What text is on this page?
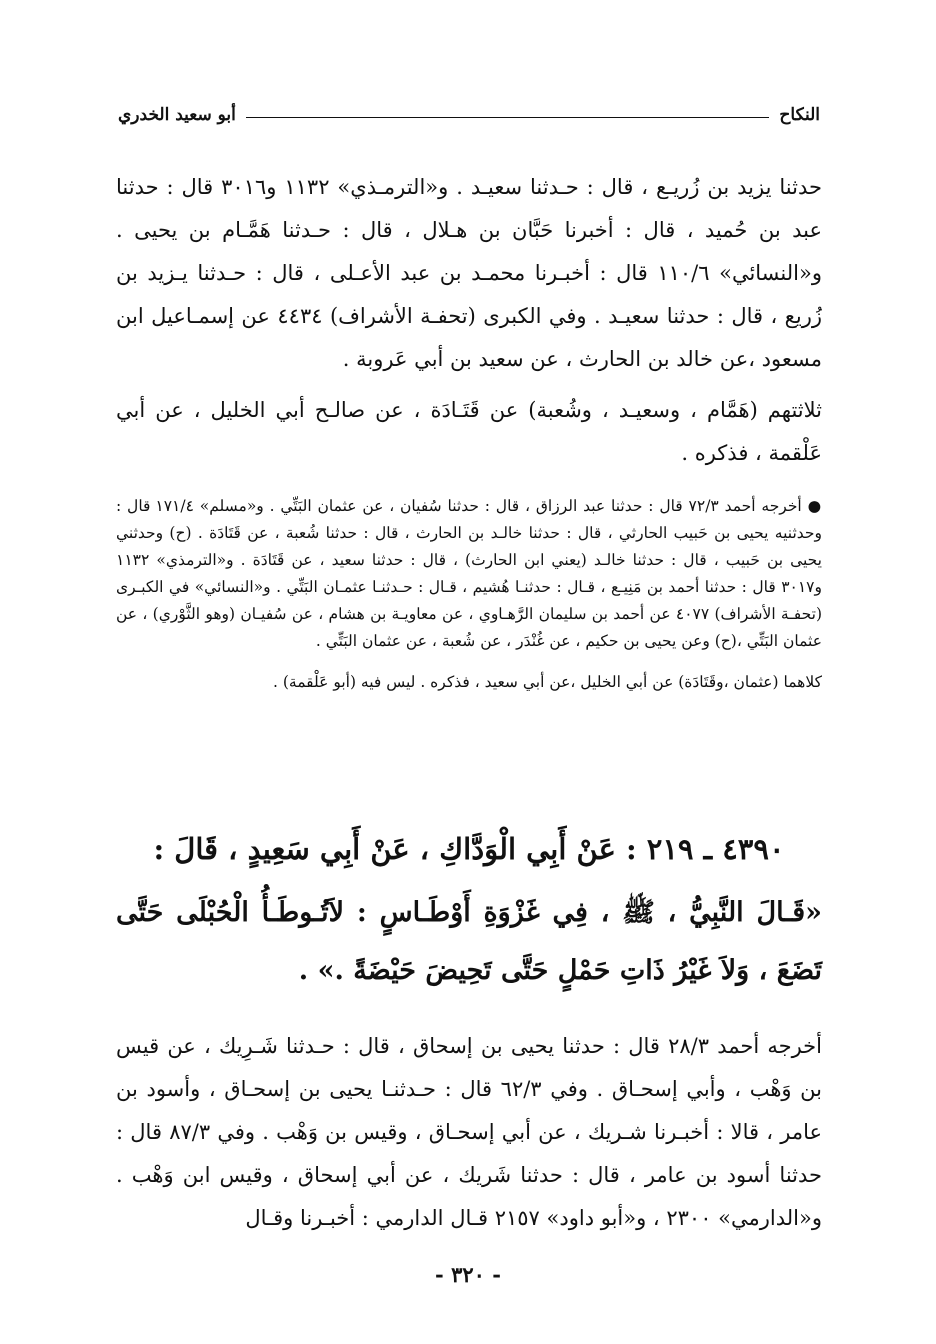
النكاح
أبو سعيد الخدري

حدثنا يزيد بن زُريـع ، قال : حـدثنا سعيـد . و«الترمـذي» ١١٣٢ و٣٠١٦ قال : حدثنا عبد بن حُميد ، قال : أخبرنا حَبَّان بن هـلال ، قال : حـدثنا هَمَّـام بن يحيى . و«النسائي» ١١٠/٦ قال : أخبـرنا محمـد بن عبد الأعـلى ، قال : حـدثنا يـزيد بن زُريع ، قال : حدثنا سعيـد . وفي الكبرى (تحفـة الأشراف) ٤٤٣٤ عن إسمـاعيل ابن مسعود ،عن خالد بن الحارث ، عن سعيد بن أبي عَروبة .

ثلاثتهم (هَمَّام ، وسعيـد ، وشُعبة) عن قَتَـادَة ، عن صالـح أبي الخليل ، عن أبي عَلْقمة ، فذكره .

● أخرجه أحمد ٧٢/٣ قال : حدثنا عبد الرزاق ، قال : حدثنا سُفيان ، عن عثمان البَتِّي . و«مسلم» ١٧١/٤ قال : وحدثنيه يحيى بن حَبيب الحارثي ، قال : حدثنا خالـد بن الحارث ، قال : حدثنا شُعبة ، عن قَتَادَة . (ح) وحدثني يحيى بن حَبيب ، قال : حدثنا خالـد (يعني ابن الحارث) ، قال : حدثنا سعيد ، عن قَتَادَة . و«الترمذي» ١١٣٢ و٣٠١٧ قال : حدثنا أحمد بن مَنِيـع ، قـال : حدثنـا هُشيم ، قـال : حـدثنـا عثمـان البَتِّي . و«النسائي» في الكبـرى (تحفـة الأشراف) ٤٠٧٧ عن أحمد بن سليمان الرَّهـاوي ، عن معاويـة بن هشام ، عن سُفيـان (وهو الثَّوْري) ، عن عثمان البَتِّي ،(ح) وعن يحيى بن حكيم ، عن غُنْدَر ، عن شُعبة ، عن عثمان البَتِّي .

كلاهما (عثمان ،وقَتَادَة) عن أبي الخليل ،عن أبي سعيد ، فذكره . ليس فيه (أبو عَلْقمة) .

٤٣٩٠ ـ ٢١٩ : عَنْ أَبِي الْوَدَّاكِ ، عَنْ أَبِي سَعِيدٍ ، قَالَ :

«قَـالَ النَّبِيُّ ، ﷺ ، فِي غَزْوَةِ أَوْطَـاسٍ : لاَتُـوطَـأُ الْحُبْلَى حَتَّى تَضَعَ ، وَلاَ غَيْرُ ذَاتِ حَمْلٍ حَتَّى تَحِيضَ حَيْضَةً .» .

أخرجه أحمد ٢٨/٣ قال : حدثنا يحيى بن إسحاق ، قال : حـدثنا شَـرِيك ، عن قيس بن وَهْب ، وأبي إسحـاق . وفي ٦٢/٣ قال : حـدثنـا يحيى بن إسحـاق ، وأسود بن عامر ، قالا : أخبـرنا شـريك ، عن أبي إسحـاق ، وقيس بن وَهْب . وفي ٨٧/٣ قال : حدثنا أسود بن عامر ، قال : حدثنا شَريك ، عن أبي إسحاق ، وقيس ابن وَهْب . و«الدارمي» ٢٣٠٠ ، و«أبو داود» ٢١٥٧ قـال الدارمي : أخبـرنا وقـال

- ٣٢٠ -
